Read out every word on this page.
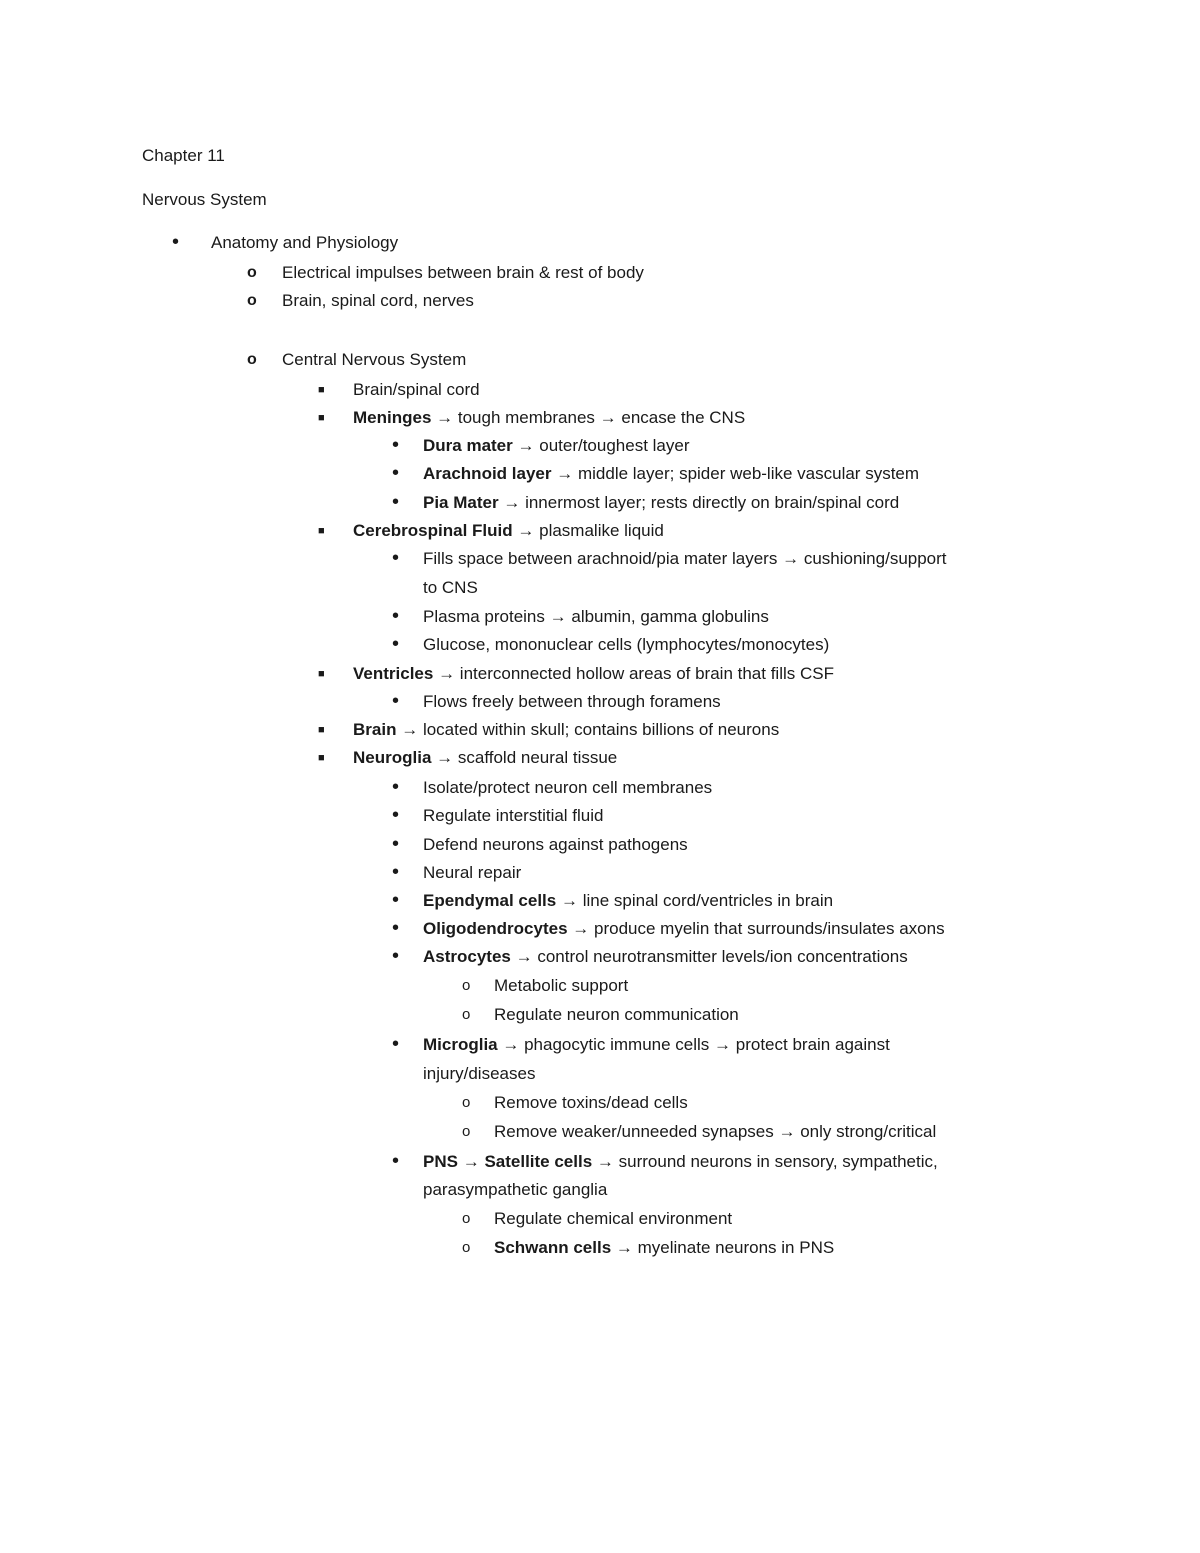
Chapter 11
Nervous System
• Anatomy and Physiology
o Electrical impulses between brain & rest of body
o Brain, spinal cord, nerves
o Central Nervous System
■ Brain/spinal cord
■ Meninges → tough membranes → encase the CNS
• Dura mater → outer/toughest layer
• Arachnoid layer → middle layer; spider web-like vascular system
• Pia Mater → innermost layer; rests directly on brain/spinal cord
■ Cerebrospinal Fluid → plasmalike liquid
• Fills space between arachnoid/pia mater layers → cushioning/support
to CNS
• Plasma proteins → albumin, gamma globulins
• Glucose, mononuclear cells (lymphocytes/monocytes)
■ Ventricles → interconnected hollow areas of brain that fills CSF
• Flows freely between through foramens
■ Brain → located within skull; contains billions of neurons
■ Neuroglia → scaffold neural tissue
• Isolate/protect neuron cell membranes
• Regulate interstitial fluid
• Defend neurons against pathogens
• Neural repair
• Ependymal cells → line spinal cord/ventricles in brain
• Oligodendrocytes → produce myelin that surrounds/insulates axons
• Astrocytes → control neurotransmitter levels/ion concentrations
o Metabolic support
o Regulate neuron communication
• Microglia → phagocytic immune cells → protect brain against
injury/diseases
o Remove toxins/dead cells
o Remove weaker/unneeded synapses → only strong/critical
• PNS → Satellite cells → surround neurons in sensory, sympathetic,
parasympathetic ganglia
o Regulate chemical environment
o Schwann cells → myelinate neurons in PNS
